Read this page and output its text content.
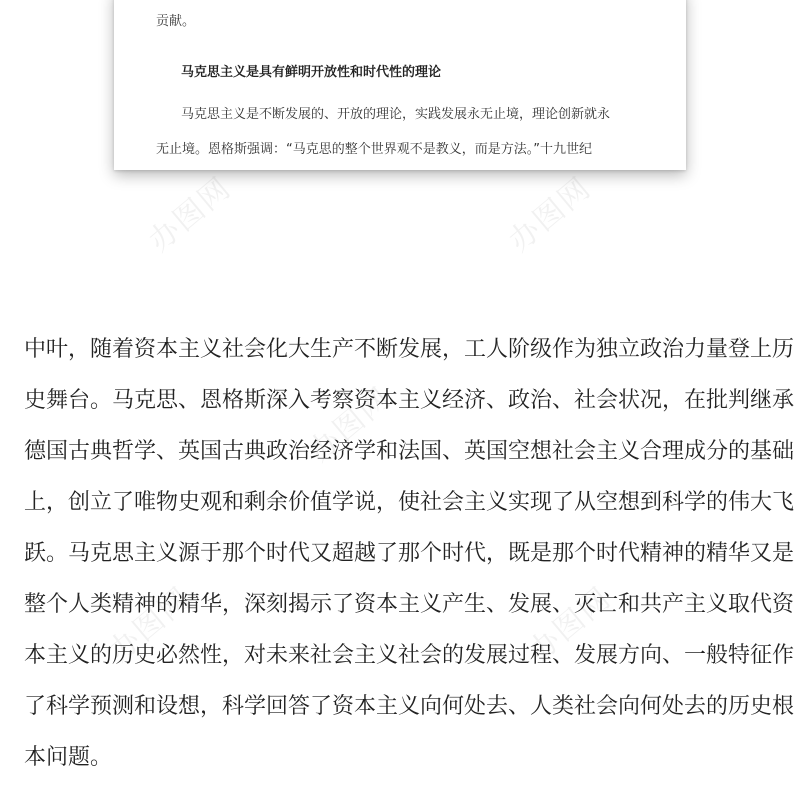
办图网	办图网
办图网
办图网	办图网

贡献。

马克思主义是具有鲜明开放性和时代性的理论

马克思主义是不断发展的、开放的理论，实践发展永无止境，理论创新就永

无止境。恩格斯强调：“马克思的整个世界观不是教义，而是方法。”十九世纪

中叶，随着资本主义社会化大生产不断发展，工人阶级作为独立政治力量登上历
史舞台。马克思、恩格斯深入考察资本主义经济、政治、社会状况，在批判继承
德国古典哲学、英国古典政治经济学和法国、英国空想社会主义合理成分的基础
上，创立了唯物史观和剩余价值学说，使社会主义实现了从空想到科学的伟大飞
跃。马克思主义源于那个时代又超越了那个时代，既是那个时代精神的精华又是
整个人类精神的精华，深刻揭示了资本主义产生、发展、灭亡和共产主义取代资
本主义的历史必然性，对未来社会主义社会的发展过程、发展方向、一般特征作
了科学预测和设想，科学回答了资本主义向何处去、人类社会向何处去的历史根
本问题。
